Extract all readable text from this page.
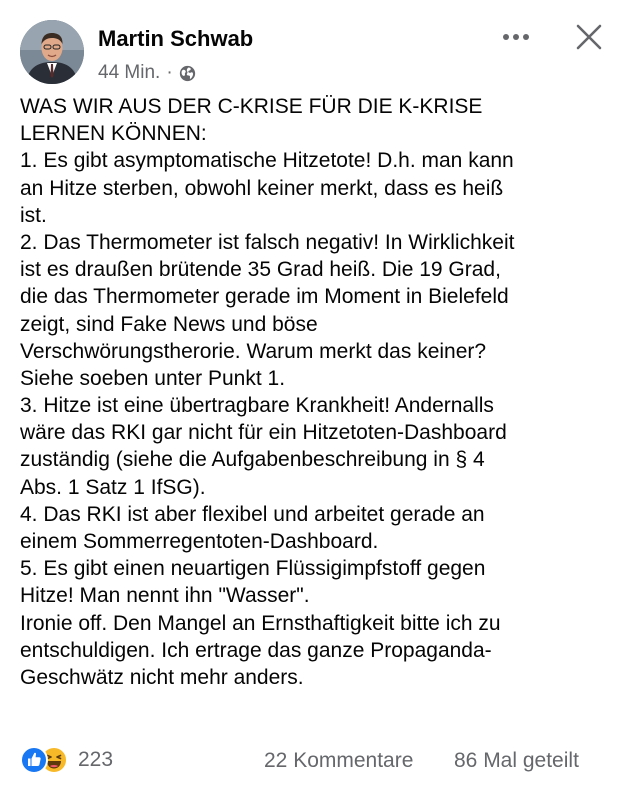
Martin Schwab
44 Min. ·
WAS WIR AUS DER C-KRISE FÜR DIE K-KRISE
LERNEN KÖNNEN:
1. Es gibt asymptomatische Hitzetote! D.h. man kann
an Hitze sterben, obwohl keiner merkt, dass es heiß
ist.
2. Das Thermometer ist falsch negativ! In Wirklichkeit
ist es draußen brütende 35 Grad heiß. Die 19 Grad,
die das Thermometer gerade im Moment in Bielefeld
zeigt, sind Fake News und böse
Verschwörungstherorie. Warum merkt das keiner?
Siehe soeben unter Punkt 1.
3. Hitze ist eine übertragbare Krankheit! Andernalls
wäre das RKI gar nicht für ein Hitzetoten-Dashboard
zuständig (siehe die Aufgabenbeschreibung in § 4
Abs. 1 Satz 1 IfSG).
4. Das RKI ist aber flexibel und arbeitet gerade an
einem Sommerregentoten-Dashboard.
5. Es gibt einen neuartigen Flüssigimpfstoff gegen
Hitze! Man nennt ihn "Wasser".
Ironie off. Den Mangel an Ernsthaftigkeit bitte ich zu
entschuldigen. Ich ertrage das ganze Propaganda-
Geschwätz nicht mehr anders.
223	22 Kommentare 86 Mal geteilt
